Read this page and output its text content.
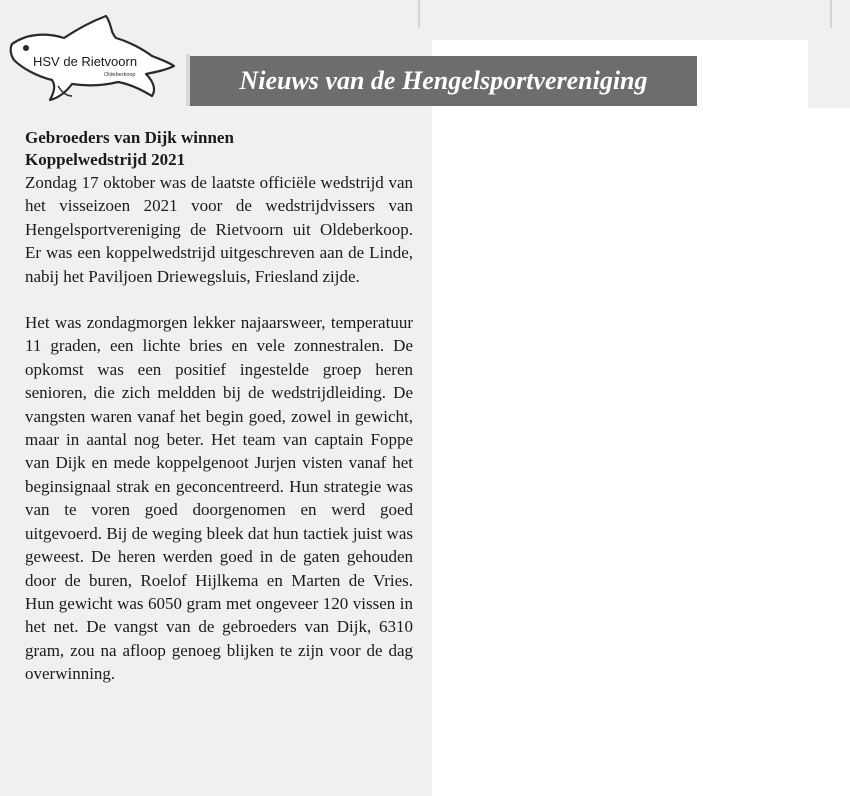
HSV de Rietvoorn
Oldeberkoop	Nieuws van de Hengelsportvereniging

Gebroeders van Dijk winnen

Koppelwedstrijd 2021

Zondag 17 oktober was de laatste officiële wedstrijd van het visseizoen 2021 voor de wedstrijdvissers van Hengelsportvereniging de Rietvoorn uit Oldeberkoop. Er was een koppelwedstrijd uitgeschreven aan de Linde, nabij het Paviljoen Driewegsluis, Friesland zijde.

Het was zondagmorgen lekker najaarsweer, temperatuur 11 graden, een lichte bries en vele zonnestralen. De opkomst was een positief ingestelde groep heren senioren, die zich meldden bij de wedstrijdleiding. De vangsten waren vanaf het begin goed, zowel in gewicht, maar in aantal nog beter. Het team van captain Foppe van Dijk en mede koppelgenoot Jurjen visten vanaf het beginsignaal strak en geconcentreerd. Hun strategie was van te voren goed doorgenomen en werd goed uitgevoerd. Bij de weging bleek dat hun tactiek juist was geweest. De heren werden goed in de gaten gehouden door de buren, Roelof Hijlkema en Marten de Vries. Hun gewicht was 6050 gram met ongeveer 120 vissen in het net. De vangst van de gebroeders van Dijk, 6310 gram, zou na afloop genoeg blijken te zijn voor de dag overwinning.
